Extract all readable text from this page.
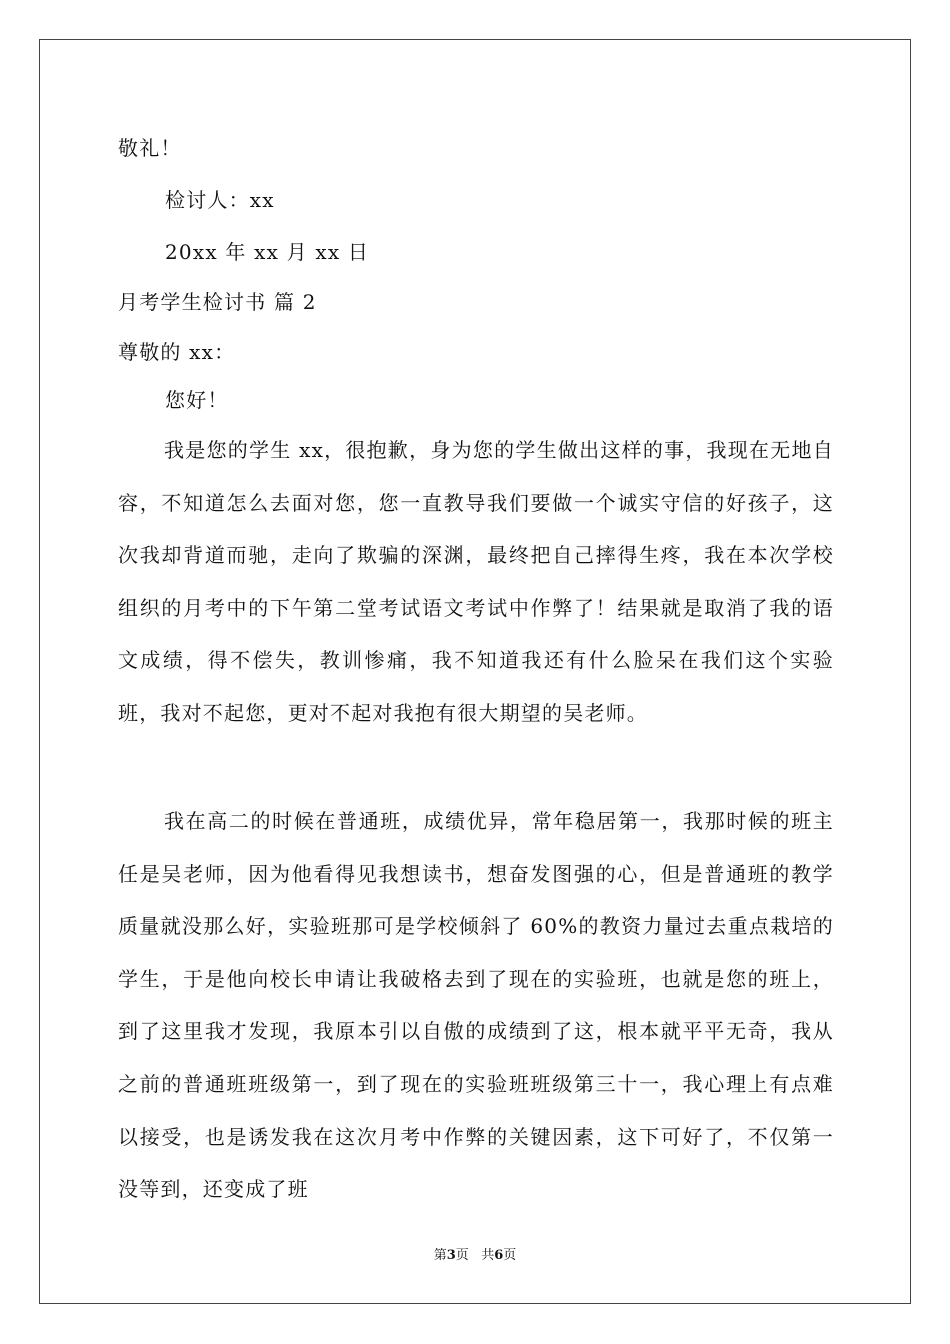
敬礼！
检讨人：xx
20xx 年 xx 月 xx 日
月考学生检讨书 篇 2
尊敬的 xx：
您好！

我是您的学生 xx，很抱歉，身为您的学生做出这样的事，我现在无地自容，不知道怎么去面对您，您一直教导我们要做一个诚实守信的好孩子，这次我却背道而驰，走向了欺骗的深渊，最终把自己摔得生疼，我在本次学校组织的月考中的下午第二堂考试语文考试中作弊了！结果就是取消了我的语文成绩，得不偿失，教训惨痛，我不知道我还有什么脸呆在我们这个实验班，我对不起您，更对不起对我抱有很大期望的吴老师。

我在高二的时候在普通班，成绩优异，常年稳居第一，我那时候的班主任是吴老师，因为他看得见我想读书，想奋发图强的心，但是普通班的教学质量就没那么好，实验班那可是学校倾斜了 60%的教资力量过去重点栽培的学生，于是他向校长申请让我破格去到了现在的实验班，也就是您的班上，到了这里我才发现，我原本引以自傲的成绩到了这，根本就平平无奇，我从之前的普通班班级第一，到了现在的实验班班级第三十一，我心理上有点难以接受，也是诱发我在这次月考中作弊的关键因素，这下可好了，不仅第一没等到，还变成了班

第3页   共6页
